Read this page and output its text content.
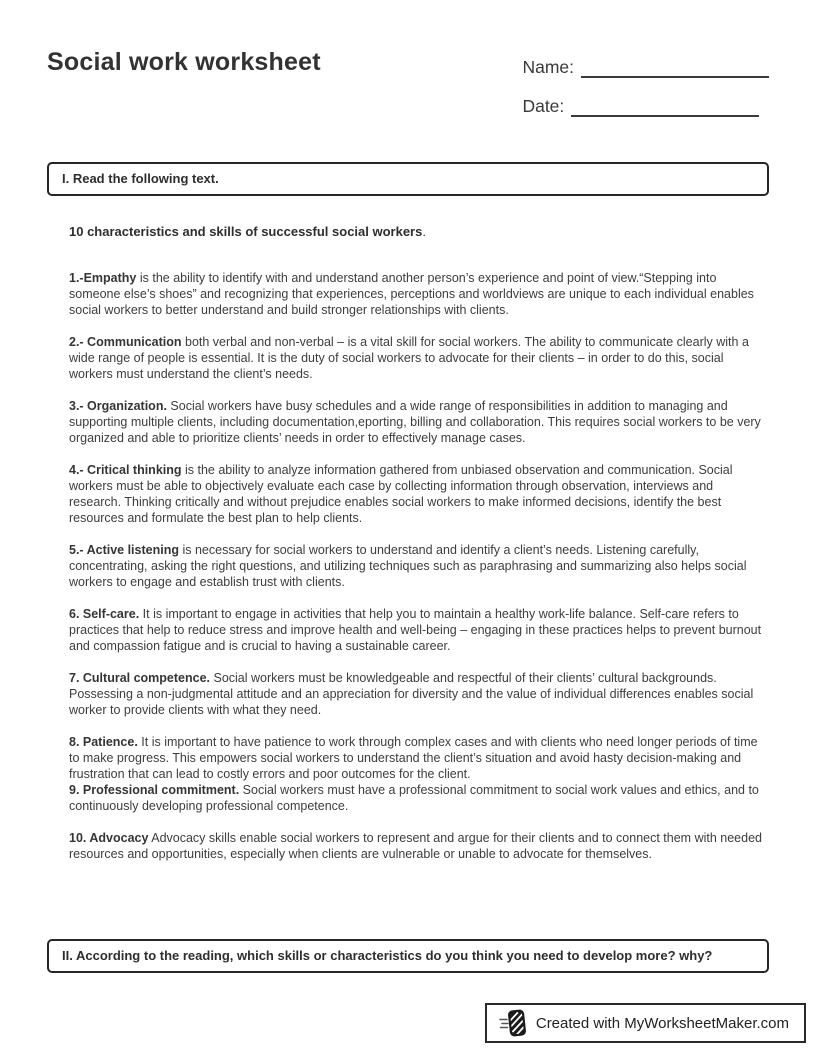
Social work worksheet	Name:
Date:
I. Read the following text.

10 characteristics and skills of successful social workers.

1.-Empathy is the ability to identify with and understand another person’s experience and point of view.“Stepping into someone else’s shoes” and recognizing that experiences, perceptions and worldviews are unique to each individual enables social workers to better understand and build stronger relationships with clients.

2.- Communication both verbal and non-verbal – is a vital skill for social workers. The ability to communicate clearly with a wide range of people is essential. It is the duty of social workers to advocate for their clients – in order to do this, social workers must understand the client’s needs.

3.- Organization. Social workers have busy schedules and a wide range of responsibilities in addition to managing and supporting multiple clients, including documentation,eporting, billing and collaboration. This requires social workers to be very organized and able to prioritize clients’ needs in order to effectively manage cases.

4.- Critical thinking is the ability to analyze information gathered from unbiased observation and communication. Social workers must be able to objectively evaluate each case by collecting information through observation, interviews and research. Thinking critically and without prejudice enables social workers to make informed decisions, identify the best resources and formulate the best plan to help clients.

5.- Active listening is necessary for social workers to understand and identify a client’s needs. Listening carefully, concentrating, asking the right questions, and utilizing techniques such as paraphrasing and summarizing also helps social workers to engage and establish trust with clients.

6. Self-care. It is important to engage in activities that help you to maintain a healthy work-life balance. Self-care refers to practices that help to reduce stress and improve health and well-being – engaging in these practices helps to prevent burnout and compassion fatigue and is crucial to having a sustainable career.

7. Cultural competence. Social workers must be knowledgeable and respectful of their clients’ cultural backgrounds. Possessing a non-judgmental attitude and an appreciation for diversity and the value of individual differences enables social worker to provide clients with what they need.

8. Patience. It is important to have patience to work through complex cases and with clients who need longer periods of time to make progress. This empowers social workers to understand the client’s situation and avoid hasty decision-making and frustration that can lead to costly errors and poor outcomes for the client.

9. Professional commitment. Social workers must have a professional commitment to social work values and ethics, and to continuously developing professional competence.

10. Advocacy Advocacy skills enable social workers to represent and argue for their clients and to connect them with needed resources and opportunities, especially when clients are vulnerable or unable to advocate for themselves.

II. According to the reading, which skills or characteristics do you think you need to develop more? why?
Created with MyWorksheetMaker.com
